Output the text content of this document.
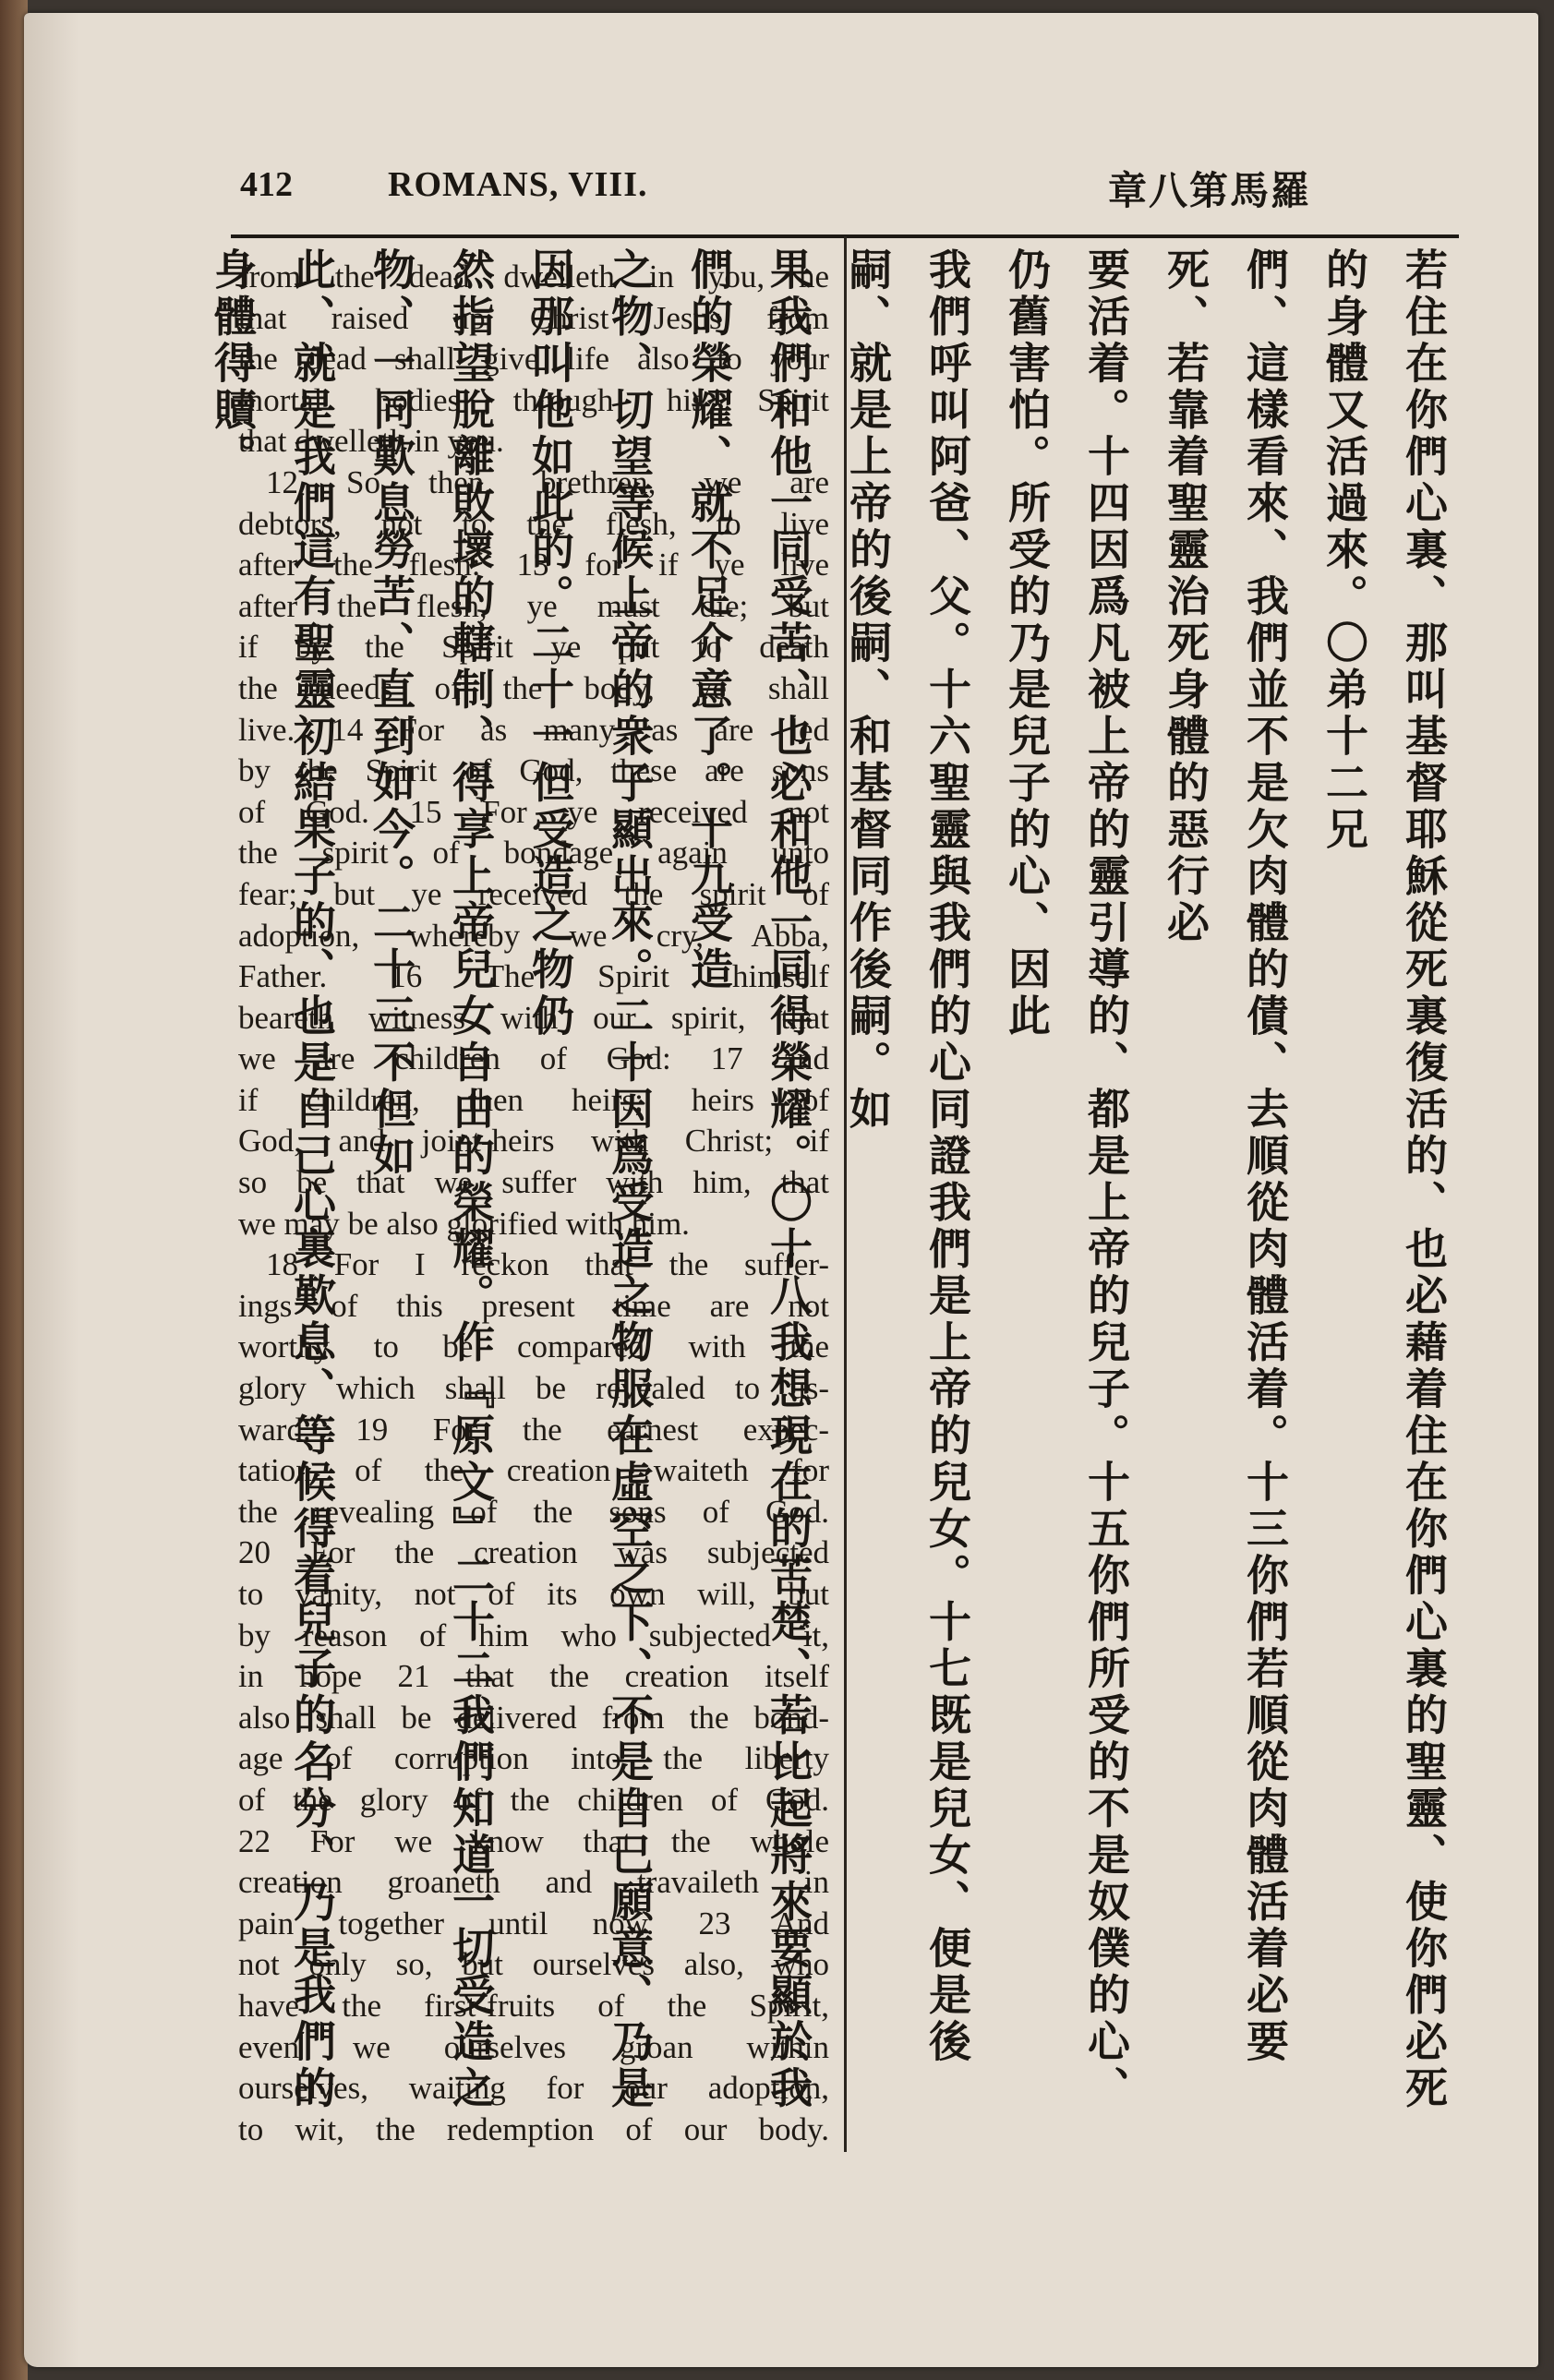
412	ROMANS, VIII.	章八第馬羅
from the dead dwelleth in you, he
that raised up Christ Jesus from
the dead shall give life also to your
mortal bodies through his Spirit
that dwelleth in you.
12 So then, brethren, we are
debtors, not to the flesh, to live
after the flesh: 13 for if ye live
after the flesh, ye must die; but
if by the Spirit ye put to death
the deeds of the body, ye shall
live. 14 For as many as are led
by the Spirit of God, these are sons
of God. 15 For ye received not
the spirit of bondage again unto
fear; but ye received the spirit of
adoption, whereby we cry, Abba,
Father. 16 The Spirit himself
beareth witness with our spirit, that
we are children of God: 17 and
if children, then heirs; heirs of
God, and joint-heirs with Christ; if
so be that we suffer with him, that
we may be also glorified with him.
18 For I reckon that the suffer-
ings of this present time are not
worthy to be compared with the
glory which shall be revealed to us-
ward. 19 For the earnest expec-
tation of the creation waiteth for
the revealing of the sons of God.
20 For the creation was subjected
to vanity, not of its own will, but
by reason of him who subjected it,
in hope 21 that the creation itself
also shall be delivered from the bond-
age of corruption into the liberty
of the glory of the children of God.
22 For we know that the whole
creation groaneth and travaileth in
pain together until now. 23 And
not only so, but ourselves also, who
have the first-fruits of the Spirit,
even we ourselves groan within
ourselves, waiting for our adoption,
to wit, the redemption of our body.
若住在你們心裏、那叫基督耶穌從死裏復活的、也必藉着住在你們心裏的聖靈、使你們必死的身體又活過來。〇弟十二兄
們、這樣看來、我們並不是欠肉體的債、去順從肉體活着。十三你們若順從肉體活着必要死、若靠着聖靈治死身體的惡行必
要活着。十四因爲凡被上帝的靈引導的、都是上帝的兒子。十五你們所受的不是奴僕的心、仍舊害怕。所受的乃是兒子的心、因此
我們呼叫阿爸、父。十六聖靈與我們的心同證我們是上帝的兒女。十七既是兒女、便是後嗣、就是上帝的後嗣、和基督同作後嗣。如
果我們和他一同受苦、也必和他一同得榮耀。〇十八我想現在的苦楚、若比起將來要顯於我們的榮耀、就不足介意了。十九受造
之物、切望等候上帝的衆子顯出來。二十因爲受造之物服在虛空之下、不是自己願意、乃是因那叫他如此的。二十一但受造之物仍
然指望脫離敗壞的轄制、得享上帝兒女自由的榮耀。作『原文』二十二我們知道一切受造之物、一同歎息勞苦、直到如今。二十三不但如
此、就是我們這有聖靈初結果子的、也是自己心裏歎息、等候得着兒子的名分、乃是我們的身體得贖。
